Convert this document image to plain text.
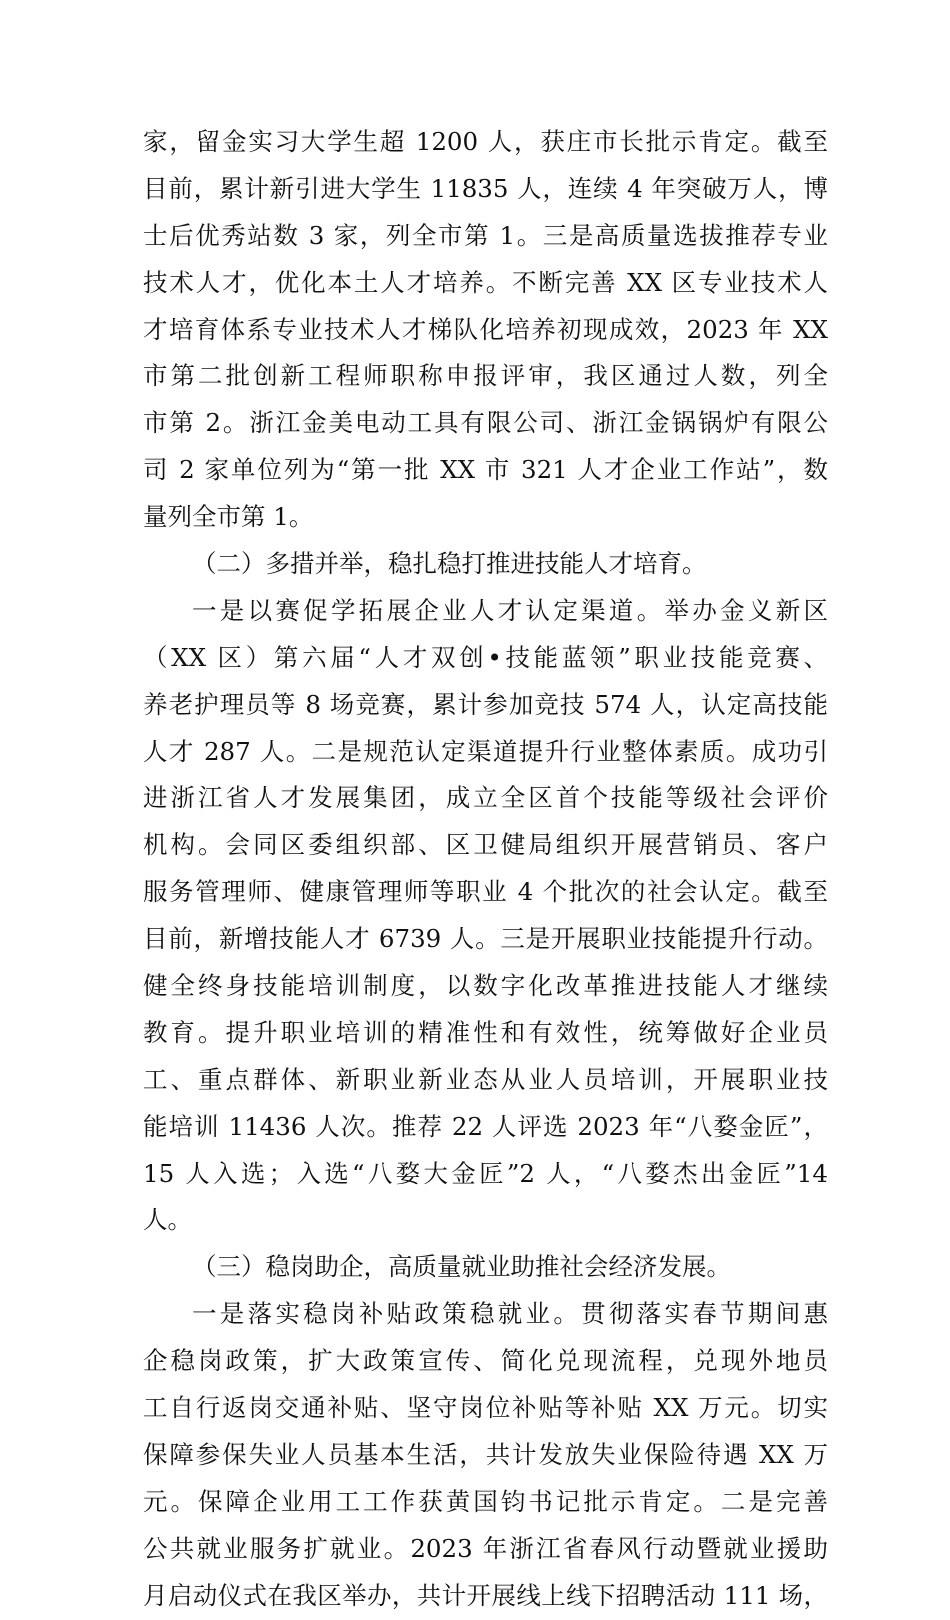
家，留金实习大学生超 1200 人，获庄市长批示肯定。截至
目前，累计新引进大学生 11835 人，连续 4 年突破万人，博
士后优秀站数 3 家，列全市第 1。三是高质量选拔推荐专业
技术人才，优化本土人才培养。不断完善 XX 区专业技术人
才培育体系专业技术人才梯队化培养初现成效，2023 年 XX
市第二批创新工程师职称申报评审，我区通过人数，列全
市第 2。浙江金美电动工具有限公司、浙江金锅锅炉有限公
司 2 家单位列为“第一批 XX 市 321 人才企业工作站”，数
量列全市第 1。
（二）多措并举，稳扎稳打推进技能人才培育。
一是以赛促学拓展企业人才认定渠道。举办金义新区
（XX 区）第六届“人才双创•技能蓝领”职业技能竞赛、
养老护理员等 8 场竞赛，累计参加竞技 574 人，认定高技能
人才 287 人。二是规范认定渠道提升行业整体素质。成功引
进浙江省人才发展集团，成立全区首个技能等级社会评价
机构。会同区委组织部、区卫健局组织开展营销员、客户
服务管理师、健康管理师等职业 4 个批次的社会认定。截至
目前，新增技能人才 6739 人。三是开展职业技能提升行动。
健全终身技能培训制度，以数字化改革推进技能人才继续
教育。提升职业培训的精准性和有效性，统筹做好企业员
工、重点群体、新职业新业态从业人员培训，开展职业技
能培训 11436 人次。推荐 22 人评选 2023 年“八婺金匠”，
15 人入选；入选“八婺大金匠”2 人，“八婺杰出金匠”14
人。
（三）稳岗助企，高质量就业助推社会经济发展。
一是落实稳岗补贴政策稳就业。贯彻落实春节期间惠
企稳岗政策，扩大政策宣传、简化兑现流程，兑现外地员
工自行返岗交通补贴、坚守岗位补贴等补贴 XX 万元。切实
保障参保失业人员基本生活，共计发放失业保险待遇 XX 万
元。保障企业用工工作获黄国钧书记批示肯定。二是完善
公共就业服务扩就业。2023 年浙江省春风行动暨就业援助
月启动仪式在我区举办，共计开展线上线下招聘活动 111 场，
